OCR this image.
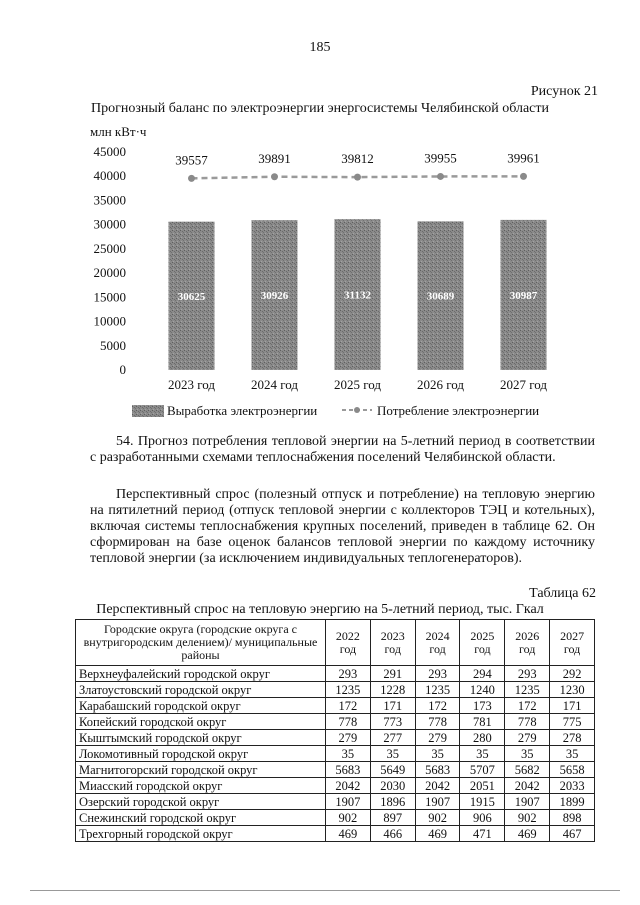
185
Рисунок 21
Прогнозный баланс по электроэнергии энергосистемы Челябинской области
млн кВт·ч
0
5000
10000
15000
20000
25000
30000
35000
40000
45000
30625	30926	31132	30689	30987
2023 год	2024 год	2025 год	2026 год	2027 год
39557	39891	39812	39955	39961
Выработка электроэнергии	Потребление электроэнергии
54. Прогноз потребления тепловой энергии на 5-летний период в соответствии с разработанными схемами теплоснабжения поселений Челябинской области.
Перспективный спрос (полезный отпуск и потребление) на тепловую энергию на пятилетний период (отпуск тепловой энергии с коллекторов ТЭЦ и котельных), включая системы теплоснабжения крупных поселений, приведен в таблице 62. Он сформирован на базе оценок балансов тепловой энергии по каждому источнику тепловой энергии (за исключением индивидуальных теплогенераторов).
Таблица 62
Перспективный спрос на тепловую энергию на 5-летний период, тыс. Гкал
Городские округа (городские округа с внутригородским делением)/ муниципальные районы	2022 год	2023 год	2024 год	2025 год	2026 год	2027 год
Верхнеуфалейский городской округ	293	291	293	294	293	292
Златоустовский городской округ	1235	1228	1235	1240	1235	1230
Карабашский городской округ	172	171	172	173	172	171
Копейский городской округ	778	773	778	781	778	775
Кыштымский городской округ	279	277	279	280	279	278
Локомотивный городской округ	35	35	35	35	35	35
Магнитогорский городской округ	5683	5649	5683	5707	5682	5658
Миасский городской округ	2042	2030	2042	2051	2042	2033
Озерский городской округ	1907	1896	1907	1915	1907	1899
Снежинский городской округ	902	897	902	906	902	898
Трехгорный городской округ	469	466	469	471	469	467
